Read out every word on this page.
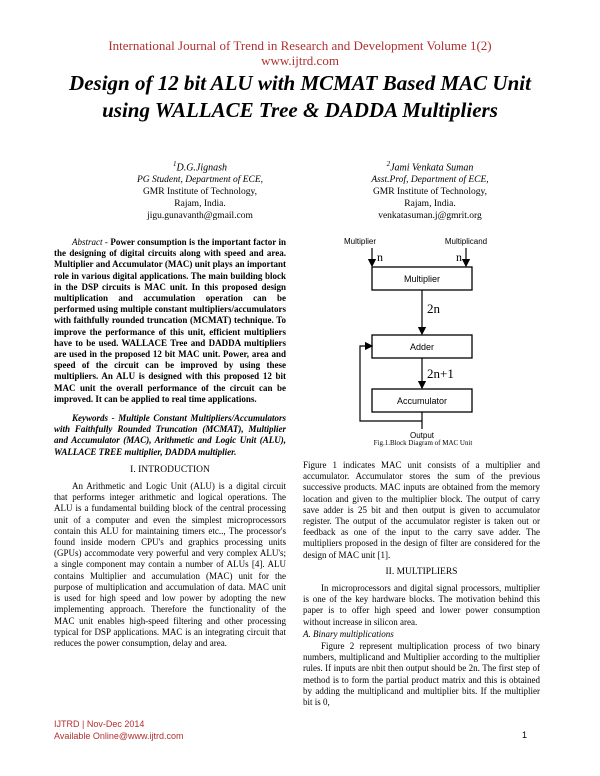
International Journal of Trend in Research and Development Volume 1(2)
www.ijtrd.com
Design of 12 bit ALU with MCMAT Based MAC Unit using WALLACE Tree & DADDA Multipliers
$^1$D.G.Jignash
PG Student, Department of ECE,
GMR Institute of Technology,
Rajam, India.
jigu.gunavanth@gmail.com
$^2$Jami Venkata Suman
Asst.Prof, Department of ECE,
GMR Institute of Technology,
Rajam, India.
venkatasuman.j@gmrit.org

Abstract - Power consumption is the important factor in the designing of digital circuits along with speed and area. Multiplier and Accumulator (MAC) unit plays an important role in various digital applications. The main building block in the DSP circuits is MAC unit. In this proposed design multiplication and accumulation operation can be performed using multiple constant multipliers/accumulators with faithfully rounded truncation (MCMAT) technique. To improve the performance of this unit, efficient multipliers have to be used. WALLACE Tree and DADDA multipliers are used in the proposed 12 bit MAC unit. Power, area and speed of the circuit can be improved by using these multipliers. An ALU is designed with this proposed 12 bit MAC unit the overall performance of the circuit can be improved. It can be applied to real time applications.

Keywords - Multiple Constant Multipliers/Accumulators with Faithfully Rounded Truncation (MCMAT), Multiplier and Accumulator (MAC), Arithmetic and Logic Unit (ALU), WALLACE TREE multiplier, DADDA multiplier.

I. INTRODUCTION

An Arithmetic and Logic Unit (ALU) is a digital circuit that performs integer arithmetic and logical operations. The ALU is a fundamental building block of the central processing unit of a computer and even the simplest microprocessors contain this ALU for maintaining timers etc.., The processor's found inside modern CPU's and graphics processing units (GPUs) accommodate very powerful and very complex ALU's; a single component may contain a number of ALUs [4]. ALU contains Multiplier and accumulation (MAC) unit for the purpose of multiplication and accumulation of data. MAC unit is used for high speed and low power by adopting the new implementing approach. Therefore the functionality of the MAC unit enables high-speed filtering and other processing typical for DSP applications. MAC is an integrating circuit that reduces the power consumption, delay and area.

Multiplier	Multiplicand
n	n
Multiplier
2n
Adder
2n+1
Accumulator
Output
Fig.1.Block Diagram of MAC Unit

Figure 1 indicates MAC unit consists of a multiplier and accumulator. Accumulator stores the sum of the previous successive products. MAC inputs are obtained from the memory location and given to the multiplier block. The output of carry save adder is 25 bit and then output is given to accumulator register. The output of the accumulator register is taken out or feedback as one of the input to the carry save adder. The multipliers proposed in the design of filter are considered for the design of MAC unit [1].

II. MULTIPLIERS

In microprocessors and digital signal processors, multiplier is one of the key hardware blocks. The motivation behind this paper is to offer high speed and lower power consumption without increase in silicon area.

A. Binary multiplications

Figure 2 represent multiplication process of two binary numbers, multiplicand and Multiplier according to the multiplier rules. If inputs are nbit then output should be 2n. The first step of method is to form the partial product matrix and this is obtained by adding the multiplicand and multiplier bits. If the multiplier bit is 0,

IJTRD | Nov-Dec 2014
Available Online@www.ijtrd.com	1
